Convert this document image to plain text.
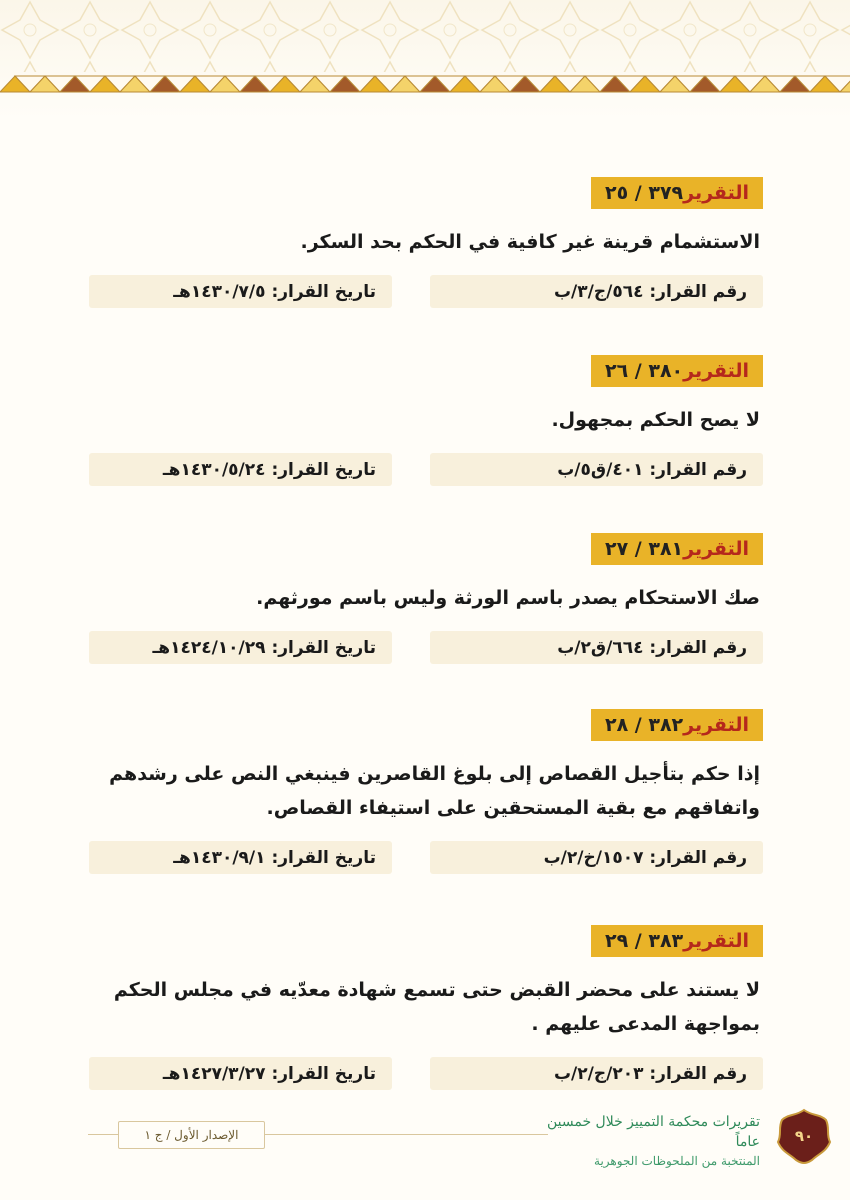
التقرير
٣٧٩ / ٢٥
الاستشمام قرينة غير كافية في الحكم بحد السكر.
رقم القرار: ٥٦٤/ج/٣/ب
تاريخ القرار: ١٤٣٠/٧/٥هـ
التقرير
٣٨٠ / ٢٦
لا يصح الحكم بمجهول.
رقم القرار: ٤٠١/ق٥/ب
تاريخ القرار: ١٤٣٠/٥/٢٤هـ
التقرير
٣٨١ / ٢٧
صك الاستحكام يصدر باسم الورثة وليس باسم مورثهم.
رقم القرار: ٦٦٤/ق٢/ب
تاريخ القرار: ١٤٢٤/١٠/٢٩هـ
التقرير
٣٨٢ / ٢٨
إذا حكم بتأجيل القصاص إلى بلوغ القاصرين فينبغي النص على رشدهم
واتفاقهم مع بقية المستحقين على استيفاء القصاص.
رقم القرار: ١٥٠٧/خ/٢/ب
تاريخ القرار: ١٤٣٠/٩/١هـ
التقرير
٣٨٣ / ٢٩
لا يستند على محضر القبض حتى تسمع شهادة معدّيه في مجلس الحكم
بمواجهة المدعى عليهم .
رقم القرار: ٢٠٣/ج/٢/ب
تاريخ القرار: ١٤٢٧/٣/٢٧هـ
الإصدار الأول / ج ١
تقريرات محكمة التمييز خلال خمسين عاماً
المنتخبة من الملحوظات الجوهرية
٩٠
